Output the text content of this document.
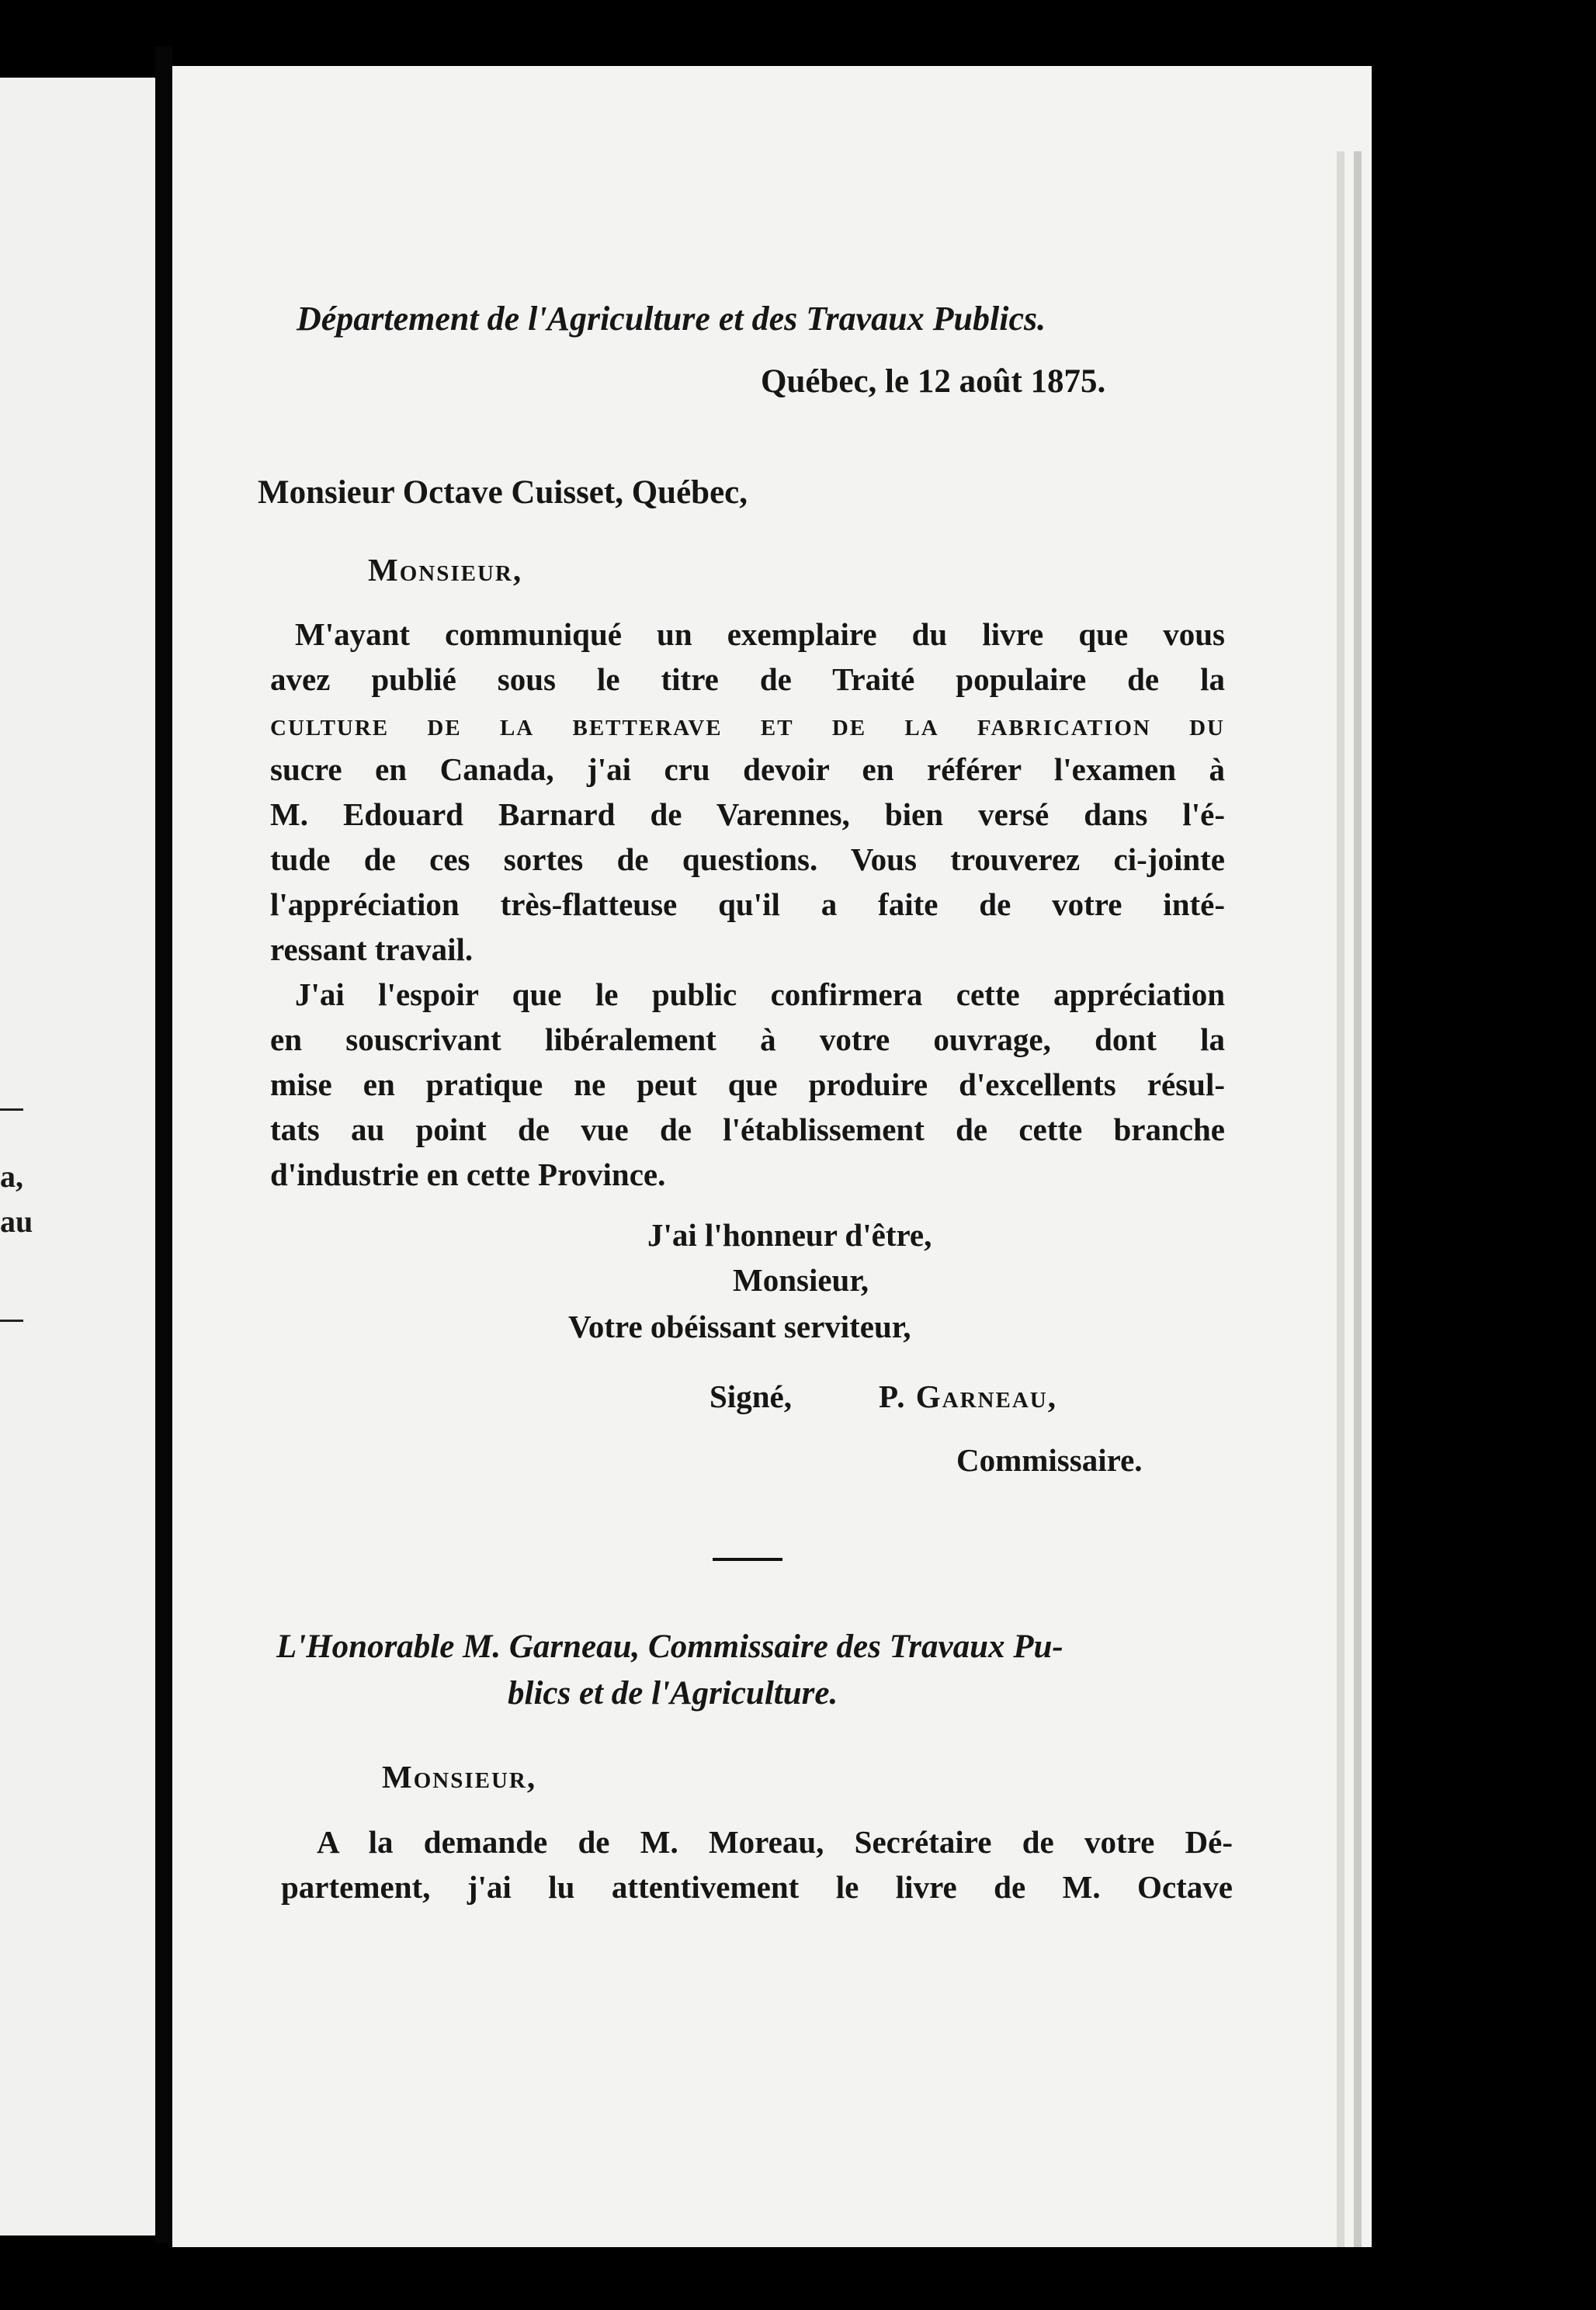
a,
au
Département de l'Agriculture et des Travaux Publics.
Québec, le 12 août 1875.
Monsieur Octave Cuisset, Québec,
Monsieur,
M'ayant communiqué un exemplaire du livre que vous
avez publié sous le titre de Traité populaire de la
culture de la betterave et de la fabrication du
sucre en Canada, j'ai cru devoir en référer l'examen à
M. Edouard Barnard de Varennes, bien versé dans l'é-
tude de ces sortes de questions. Vous trouverez ci-jointe
l'appréciation très-flatteuse qu'il a faite de votre inté-
ressant travail.
J'ai l'espoir que le public confirmera cette appréciation
en souscrivant libéralement à votre ouvrage, dont la
mise en pratique ne peut que produire d'excellents résul-
tats au point de vue de l'établissement de cette branche
d'industrie en cette Province.
J'ai l'honneur d'être,
Monsieur,
Votre obéissant serviteur,
Signé,	P. Garneau,
Commissaire.
L'Honorable M. Garneau, Commissaire des Travaux Pu-
blics et de l'Agriculture.
Monsieur,
A la demande de M. Moreau, Secrétaire de votre Dé-
partement, j'ai lu attentivement le livre de M. Octave
